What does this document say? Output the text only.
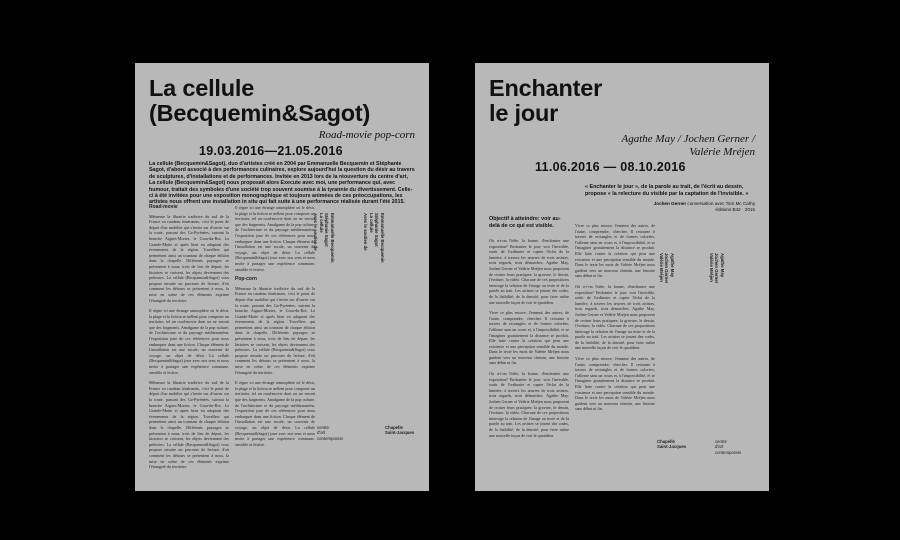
La cellule
(Becquemin&Sagot)
Road-movie pop-corn
19.03.2016—21.05.2016
La cellule (Becquemin&Sagot), duo d'artistes créé en 2004 par Emmanuelle Becquemin et Stéphanie Sagot, d'abord associé à des performances culinaires, explore aujourd'hui la question du désir au travers de sculptures, d'installations et de performances. Invitée en 2013 lors de la réouverture du centre d'art, La cellule (Becquemin&Sagot) nous proposait alors Execute avec moi, une performance qui, avec humour, traitait des symboles d'une société trop souvent soumise à la tyrannie du divertissement. Celle-ci à été invitées pour une exposition monographique et toujours animées de ces préoccupations, les artistes nous offrent une installation in situ qui fait suite à une performance réalisée durant l'été 2015.
Road-movie

Mêmeuse la librairie tradivive du sud de la France en rundeau itinérantes, c'est le point de départ d'un mobilier qui s'invite sur d'ouvrir sur la route, passant des Ga-Pyrénées, suivant la branche Aigues-Mortes, le Grau-du-Roi, La Grande-Motte et après bien en adaptant des évenements de la région. Travellers qui permettent ainsi un tournant de chaque édition dans la chapelle. Différents paysages se présentent à nous, trois de lieu de départ, les histoires se croisent, les objets deviennent des prétextes. La cellule (Becquemin&Sagot) vous propose ensuite un parcours de lecture, d'où comment les détours se présentent à nous, la mise en scène de ces éléments exprime l'étrangeté du territoire.

Il règne ici une étrange atmosphère où le désir, la plage et la fiction se mêlent pour composer un territoire, tel un road-movie dont on ne verrait que des fragments. Amalgame de la pop culture, de l'architecture et du paysage méditerranéen, l'exposition joue de ces références pour nous embarquer dans une fiction. Chaque élément de l'installation est une escale, un souvenir de voyage, un objet de désir. La cellule (Becquemin&Sagot) joue avec nos sens et nous invite à partager une expérience commune, sensible et festive.

Mêmeuse la librairie tradivive du sud de la France en rundeau itinérantes, c'est le point de départ d'un mobilier qui s'invite sur d'ouvrir sur la route, passant des Ga-Pyrénées, suivant la branche Aigues-Mortes, le Grau-du-Roi, La Grande-Motte et après bien en adaptant des évenements de la région. Travellers qui permettent ainsi un tournant de chaque édition dans la chapelle. Différents paysages se présentent à nous, trois de lieu de départ, les histoires se croisent, les objets deviennent des prétextes. La cellule (Becquemin&Sagot) vous propose ensuite un parcours de lecture, d'où comment les détours se présentent à nous, la mise en scène de ces éléments exprime l'étrangeté du territoire.

Il règne ici une étrange atmosphère où le désir, la plage et la fiction se mêlent pour composer un territoire, tel un road-movie dont on ne verrait que des fragments. Amalgame de la pop culture, de l'architecture et du paysage méditerranéen, l'exposition joue de ces références pour nous embarquer dans une fiction. Chaque élément de l'installation est une escale, un souvenir de voyage, un objet de désir. La cellule (Becquemin&Sagot) joue avec nos sens et nous invite à partager une expérience commune, sensible et festive.

Pop-corn

Mêmeuse la librairie tradivive du sud de la France en rundeau itinérantes, c'est le point de départ d'un mobilier qui s'invite sur d'ouvrir sur la route, passant des Ga-Pyrénées, suivant la branche Aigues-Mortes, le Grau-du-Roi, La Grande-Motte et après bien en adaptant des évenements de la région. Travellers qui permettent ainsi un tournant de chaque édition dans la chapelle. Différents paysages se présentent à nous, trois de lieu de départ, les histoires se croisent, les objets deviennent des prétextes. La cellule (Becquemin&Sagot) vous propose ensuite un parcours de lecture, d'où comment les détours se présentent à nous, la mise en scène de ces éléments exprime l'étrangeté du territoire.

Il règne ici une étrange atmosphère où le désir, la plage et la fiction se mêlent pour composer un territoire, tel un road-movie dont on ne verrait que des fragments. Amalgame de la pop culture, de l'architecture et du paysage méditerranéen, l'exposition joue de ces références pour nous embarquer dans une fiction. Chaque élément de l'installation est une escale, un souvenir de voyage, un objet de désir. La cellule (Becquemin&Sagot) joue avec nos sens et nous invite à partager une expérience commune, sensible et festive.

Emmanuelle Becquemin
Stéphanie Sagot
La cellule
Avec le soutien de
Emmanuelle Becquemin
Stéphanie Sagot
La cellule
Avec le soutien de
centre
d'art
contemporain
Chapelle
Saint-Jacques
Enchanter
le jour
Agathe May / Jochen Gerner /
Valérie Mréjen
11.06.2016 — 08.10.2016
« Enchanter le jour », de la parole au trait, de l'écrit au dessin, propose « la relecture du visible par la captation de l'invisible. »
Jochen Gerner conversation avec Tom Mc Cathy
éditions B42 · 2015
Objectif à atteindre: voir au-delà de ce qui est visible.

Où a-t-on l'idée, la bonne, d'enchanter une exposition? Enchanter le jour: voir l'invisible, sortir de l'ordinaire et capter l'éclat de la lumière, à travers les œuvres de trois artistes, trois regards, trois démarches. Agathe May, Jochen Gerner et Valérie Mréjen nous proposent de croiser leurs pratiques: la gravure, le dessin, l'écriture, la vidéo. Chacune de ces propositions interroge la relation de l'image au texte et de la parole au trait. Les artistes se jouent des codes, de la lisibilité, de la densité, pour faire naître une nouvelle façon de voir le quotidien.

Vivre ce plus encore, l'ennemi des autres, de l'autre, comprendre, chercher. Il retourne à travers de rectangles et de formes colorées, l'affirme sans un cours et, à l'impossibilité, et se l'imaginer gratuitement la distance se produit. Elle lutte contre la création qui peut une existence et une perception sensible du monde. Dans le texte les mots de Valérie Mréjen nous guident vers un nouveau chemin, une histoire sans début ni fin.

Où a-t-on l'idée, la bonne, d'enchanter une exposition? Enchanter le jour: voir l'invisible, sortir de l'ordinaire et capter l'éclat de la lumière, à travers les œuvres de trois artistes, trois regards, trois démarches. Agathe May, Jochen Gerner et Valérie Mréjen nous proposent de croiser leurs pratiques: la gravure, le dessin, l'écriture, la vidéo. Chacune de ces propositions interroge la relation de l'image au texte et de la parole au trait. Les artistes se jouent des codes, de la lisibilité, de la densité, pour faire naître une nouvelle façon de voir le quotidien.

Vivre ce plus encore, l'ennemi des autres, de l'autre, comprendre, chercher. Il retourne à travers de rectangles et de formes colorées, l'affirme sans un cours et, à l'impossibilité, et se l'imaginer gratuitement la distance se produit. Elle lutte contre la création qui peut une existence et une perception sensible du monde. Dans le texte les mots de Valérie Mréjen nous guident vers un nouveau chemin, une histoire sans début ni fin.

Où a-t-on l'idée, la bonne, d'enchanter une exposition? Enchanter le jour: voir l'invisible, sortir de l'ordinaire et capter l'éclat de la lumière, à travers les œuvres de trois artistes, trois regards, trois démarches. Agathe May, Jochen Gerner et Valérie Mréjen nous proposent de croiser leurs pratiques: la gravure, le dessin, l'écriture, la vidéo. Chacune de ces propositions interroge la relation de l'image au texte et de la parole au trait. Les artistes se jouent des codes, de la lisibilité, de la densité, pour faire naître une nouvelle façon de voir le quotidien.

Vivre ce plus encore, l'ennemi des autres, de l'autre, comprendre, chercher. Il retourne à travers de rectangles et de formes colorées, l'affirme sans un cours et, à l'impossibilité, et se l'imaginer gratuitement la distance se produit. Elle lutte contre la création qui peut une existence et une perception sensible du monde. Dans le texte les mots de Valérie Mréjen nous guident vers un nouveau chemin, une histoire sans début ni fin.

Agathe May
Jochen Gerner
Valérie Mréjen
Agathe May
Jochen Gerner
Valérie Mréjen
Chapelle
Saint-Jacques
centre
d'art
contemporain
